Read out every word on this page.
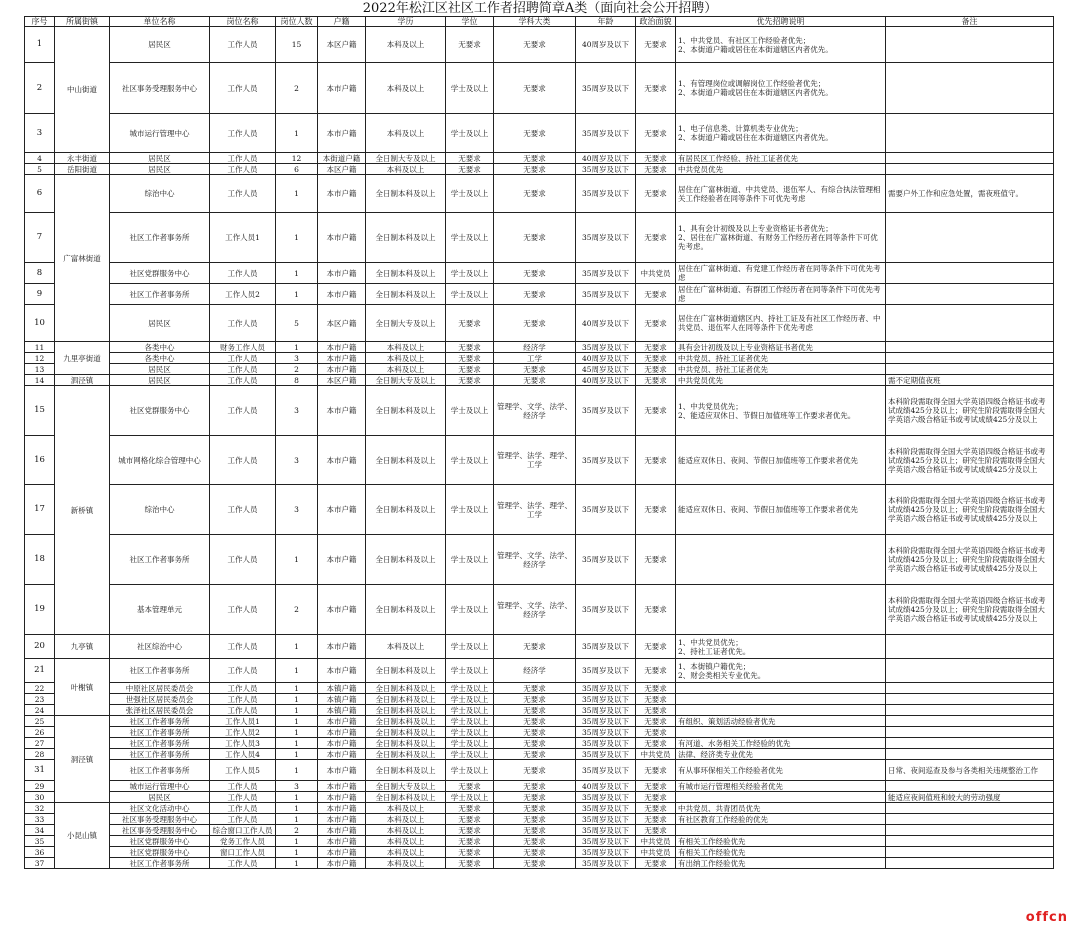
2022年松江区社区工作者招聘简章A类（面向社会公开招聘）
序号	所属街镇	单位名称	岗位名称	岗位人数	户籍	学历	学位	学科大类	年龄	政治面貌	优先招聘说明	备注
1	中山街道	居民区	工作人员	15	本区户籍	本科及以上	无要求	无要求	40周岁及以下	无要求	1、中共党员、有社区工作经验者优先；
2、本街道户籍或居住在本街道辖区内者优先。	
2		社区事务受理服务中心	工作人员	2	本市户籍	本科及以上	学士及以上	无要求	35周岁及以下	无要求	1、有管理岗位或调解岗位工作经验者优先；
2、本街道户籍或居住在本街道辖区内者优先。	
3		城市运行管理中心	工作人员	1	本市户籍	本科及以上	学士及以上	无要求	35周岁及以下	无要求	1、电子信息类、计算机类专业优先；
2、本街道户籍或居住在本街道辖区内者优先。	
4	永丰街道	居民区	工作人员	12	本街道户籍	全日制大专及以上	无要求	无要求	40周岁及以下	无要求	有居民区工作经验、持社工证者优先	
5	岳阳街道	居民区	工作人员	6	本区户籍	本科及以上	无要求	无要求	35周岁及以下	无要求	中共党员优先	
6	广富林街道	综治中心	工作人员	1	本市户籍	全日制本科及以上	学士及以上	无要求	35周岁及以下	无要求	居住在广富林街道、中共党员、退伍军人、有综合执法管理相关工作经验者在同等条件下可优先考虑	需要户外工作和应急处置，需夜班值守。
7		社区工作者事务所	工作人员1	1	本市户籍	全日制本科及以上	学士及以上	无要求	35周岁及以下	无要求	1、具有会计初级及以上专业资格证书者优先；
2、居住在广富林街道、有财务工作经历者在同等条件下可优先考虑。	
8		社区党群服务中心	工作人员	1	本市户籍	全日制本科及以上	学士及以上	无要求	35周岁及以下	中共党员	居住在广富林街道、有党建工作经历者在同等条件下可优先考虑	
9		社区工作者事务所	工作人员2	1	本市户籍	全日制本科及以上	学士及以上	无要求	35周岁及以下	无要求	居住在广富林街道、有群团工作经历者在同等条件下可优先考虑	
10		居民区	工作人员	5	本区户籍	全日制大专及以上	无要求	无要求	40周岁及以下	无要求	居住在广富林街道辖区内、持社工证及有社区工作经历者、中共党员、退伍军人在同等条件下优先考虑	
11	九里亭街道	各类中心	财务工作人员	1	本市户籍	本科及以上	无要求	经济学	35周岁及以下	无要求	具有会计初级及以上专业资格证书者优先	
12		各类中心	工作人员	3	本市户籍	本科及以上	无要求	工学	40周岁及以下	无要求	中共党员、持社工证者优先	
13		居民区	工作人员	2	本市户籍	本科及以上	无要求	无要求	45周岁及以下	无要求	中共党员、持社工证者优先	
14	泗泾镇	居民区	工作人员	8	本区户籍	全日制大专及以上	无要求	无要求	40周岁及以下	无要求	中共党员优先	需不定期值夜班
15	新桥镇	社区党群服务中心	工作人员	3	本市户籍	全日制本科及以上	学士及以上	管理学、文学、法学、经济学	35周岁及以下	无要求	1、中共党员优先；
2、能适应双休日、节假日加值班等工作要求者优先。	本科阶段需取得全国大学英语四级合格证书或考试成绩425分及以上；研究生阶段需取得全国大学英语六级合格证书或考试成绩425分及以上
16		城市网格化综合管理中心	工作人员	3	本市户籍	全日制本科及以上	学士及以上	管理学、法学、理学、工学	35周岁及以下	无要求	能适应双休日、夜间、节假日加值班等工作要求者优先	本科阶段需取得全国大学英语四级合格证书或考试成绩425分及以上；研究生阶段需取得全国大学英语六级合格证书或考试成绩425分及以上
17		综治中心	工作人员	3	本市户籍	全日制本科及以上	学士及以上	管理学、法学、理学、工学	35周岁及以下	无要求	能适应双休日、夜间、节假日加值班等工作要求者优先	本科阶段需取得全国大学英语四级合格证书或考试成绩425分及以上；研究生阶段需取得全国大学英语六级合格证书或考试成绩425分及以上
18		社区工作者事务所	工作人员	1	本市户籍	全日制本科及以上	学士及以上	管理学、文学、法学、经济学	35周岁及以下	无要求		本科阶段需取得全国大学英语四级合格证书或考试成绩425分及以上；研究生阶段需取得全国大学英语六级合格证书或考试成绩425分及以上
19		基本管理单元	工作人员	2	本市户籍	全日制本科及以上	学士及以上	管理学、文学、法学、经济学	35周岁及以下	无要求		本科阶段需取得全国大学英语四级合格证书或考试成绩425分及以上；研究生阶段需取得全国大学英语六级合格证书或考试成绩425分及以上
20	九亭镇	社区综治中心	工作人员	1	本市户籍	本科及以上	学士及以上	无要求	35周岁及以下	无要求	1、中共党员优先；
2、持社工证者优先。	
21	叶榭镇	社区工作者事务所	工作人员	1	本市户籍	全日制本科及以上	学士及以上	经济学	35周岁及以下	无要求	1、本街镇户籍优先；
2、财会类相关专业优先。	
22		中原社区居民委员会	工作人员	1	本镇户籍	全日制本科及以上	学士及以上	无要求	35周岁及以下	无要求		
23		世强社区居民委员会	工作人员	1	本镇户籍	全日制本科及以上	学士及以上	无要求	35周岁及以下	无要求		
24		张泽社区居民委员会	工作人员	1	本镇户籍	全日制本科及以上	学士及以上	无要求	35周岁及以下	无要求		
25	洞泾镇	社区工作者事务所	工作人员1	1	本市户籍	全日制本科及以上	学士及以上	无要求	35周岁及以下	无要求	有组织、策划活动经验者优先	
26		社区工作者事务所	工作人员2	1	本市户籍	全日制本科及以上	学士及以上	无要求	35周岁及以下	无要求		
27		社区工作者事务所	工作人员3	1	本市户籍	全日制本科及以上	学士及以上	无要求	35周岁及以下	无要求	有河道、水务相关工作经验的优先	
28		社区工作者事务所	工作人员4	1	本市户籍	全日制本科及以上	学士及以上	无要求	35周岁及以下	中共党员	法律、经济类专业优先	
31		社区工作者事务所	工作人员5	1	本市户籍	全日制本科及以上	学士及以上	无要求	35周岁及以下	无要求	有从事环保相关工作经验者优先	日常、夜间巡查及参与各类相关违规整治工作
29		城市运行管理中心	工作人员	3	本市户籍	全日制大专及以上	无要求	无要求	40周岁及以下	无要求	有城市运行管理相关经验者优先	
30		居民区	工作人员	1	本市户籍	全日制本科及以上	学士及以上	无要求	35周岁及以下	无要求		能适应夜间值班和较大的劳动强度
32	小昆山镇	社区文化活动中心	工作人员	1	本市户籍	本科及以上	无要求	无要求	35周岁及以下	无要求	中共党员、共青团员优先	
33		社区事务受理服务中心	工作人员	1	本市户籍	本科及以上	无要求	无要求	35周岁及以下	无要求	有社区教育工作经验的优先	
34		社区事务受理服务中心	综合窗口工作人员	2	本市户籍	本科及以上	无要求	无要求	35周岁及以下	无要求		
35		社区党群服务中心	党务工作人员	1	本市户籍	本科及以上	无要求	无要求	35周岁及以下	中共党员	有相关工作经验优先	
36		社区党群服务中心	窗口工作人员	1	本市户籍	本科及以上	无要求	无要求	35周岁及以下	中共党员	有相关工作经验优先	
37		社区工作者事务所	工作人员	1	本市户籍	本科及以上	无要求	无要求	35周岁及以下	无要求	有出纳工作经验优先	
offcn
